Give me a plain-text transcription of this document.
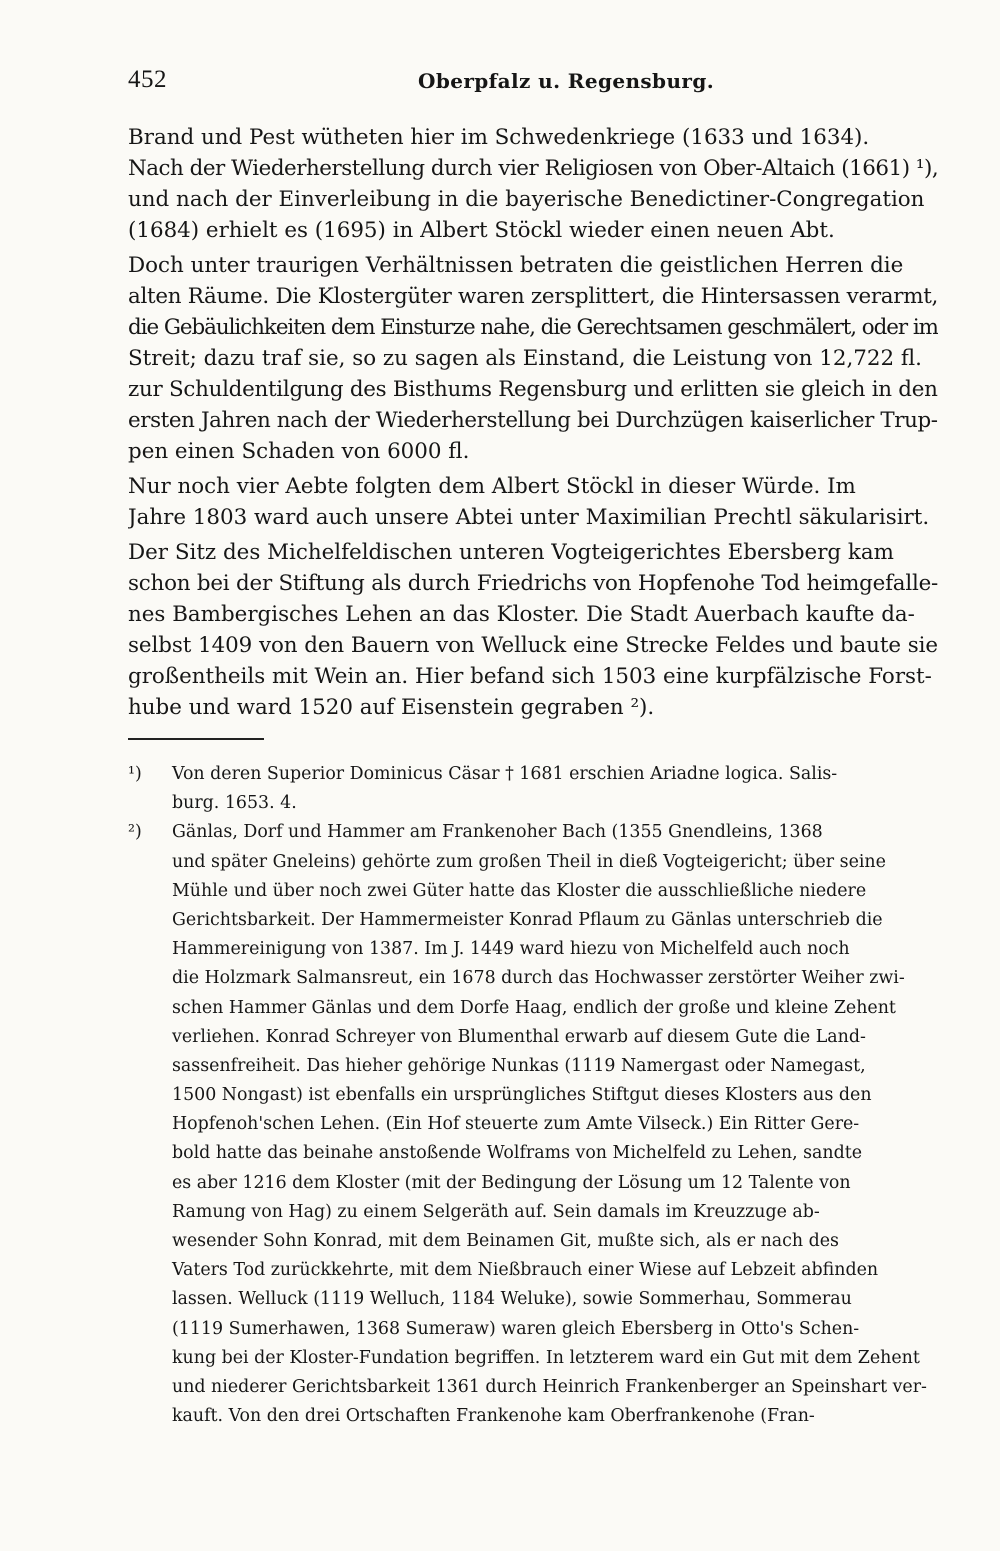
452	Oberpfalz u. Regensburg.
Brand und Pest wütheten hier im Schwedenkriege (1633 und 1634).
Nach der Wiederherstellung durch vier Religiosen von Ober-Altaich (1661) ¹),
und nach der Einverleibung in die bayerische Benedictiner-Congregation
(1684) erhielt es (1695) in Albert Stöckl wieder einen neuen Abt.
Doch unter traurigen Verhältnissen betraten die geistlichen Herren die
alten Räume. Die Klostergüter waren zersplittert, die Hintersassen verarmt,
die Gebäulichkeiten dem Einsturze nahe, die Gerechtsamen geschmälert, oder im
Streit; dazu traf sie, so zu sagen als Einstand, die Leistung von 12,722 fl.
zur Schuldentilgung des Bisthums Regensburg und erlitten sie gleich in den
ersten Jahren nach der Wiederherstellung bei Durchzügen kaiserlicher Trup-
pen einen Schaden von 6000 fl.
Nur noch vier Aebte folgten dem Albert Stöckl in dieser Würde. Im
Jahre 1803 ward auch unsere Abtei unter Maximilian Prechtl säkularisirt.
Der Sitz des Michelfeldischen unteren Vogteigerichtes Ebersberg kam
schon bei der Stiftung als durch Friedrichs von Hopfenohe Tod heimgefalle-
nes Bambergisches Lehen an das Kloster. Die Stadt Auerbach kaufte da-
selbst 1409 von den Bauern von Welluck eine Strecke Feldes und baute sie
großentheils mit Wein an. Hier befand sich 1503 eine kurpfälzische Forst-
hube und ward 1520 auf Eisenstein gegraben ²).
¹) Von deren Superior Dominicus Cäsar † 1681 erschien Ariadne logica. Salis-
burg. 1653. 4.
²) Gänlas, Dorf und Hammer am Frankenoher Bach (1355 Gnendleins, 1368
und später Gneleins) gehörte zum großen Theil in dieß Vogteigericht; über seine
Mühle und über noch zwei Güter hatte das Kloster die ausschließliche niedere
Gerichtsbarkeit. Der Hammermeister Konrad Pflaum zu Gänlas unterschrieb die
Hammereinigung von 1387. Im J. 1449 ward hiezu von Michelfeld auch noch
die Holzmark Salmansreut, ein 1678 durch das Hochwasser zerstörter Weiher zwi-
schen Hammer Gänlas und dem Dorfe Haag, endlich der große und kleine Zehent
verliehen. Konrad Schreyer von Blumenthal erwarb auf diesem Gute die Land-
sassenfreiheit. Das hieher gehörige Nunkas (1119 Namergast oder Namegast,
1500 Nongast) ist ebenfalls ein ursprüngliches Stiftgut dieses Klosters aus den
Hopfenoh'schen Lehen. (Ein Hof steuerte zum Amte Vilseck.) Ein Ritter Gere-
bold hatte das beinahe anstoßende Wolframs von Michelfeld zu Lehen, sandte
es aber 1216 dem Kloster (mit der Bedingung der Lösung um 12 Talente von
Ramung von Hag) zu einem Selgeräth auf. Sein damals im Kreuzzuge ab-
wesender Sohn Konrad, mit dem Beinamen Git, mußte sich, als er nach des
Vaters Tod zurückkehrte, mit dem Nießbrauch einer Wiese auf Lebzeit abfinden
lassen. Welluck (1119 Welluch, 1184 Weluke), sowie Sommerhau, Sommerau
(1119 Sumerhawen, 1368 Sumeraw) waren gleich Ebersberg in Otto's Schen-
kung bei der Kloster-Fundation begriffen. In letzterem ward ein Gut mit dem Zehent
und niederer Gerichtsbarkeit 1361 durch Heinrich Frankenberger an Speinshart ver-
kauft. Von den drei Ortschaften Frankenohe kam Oberfrankenohe (Fran-
